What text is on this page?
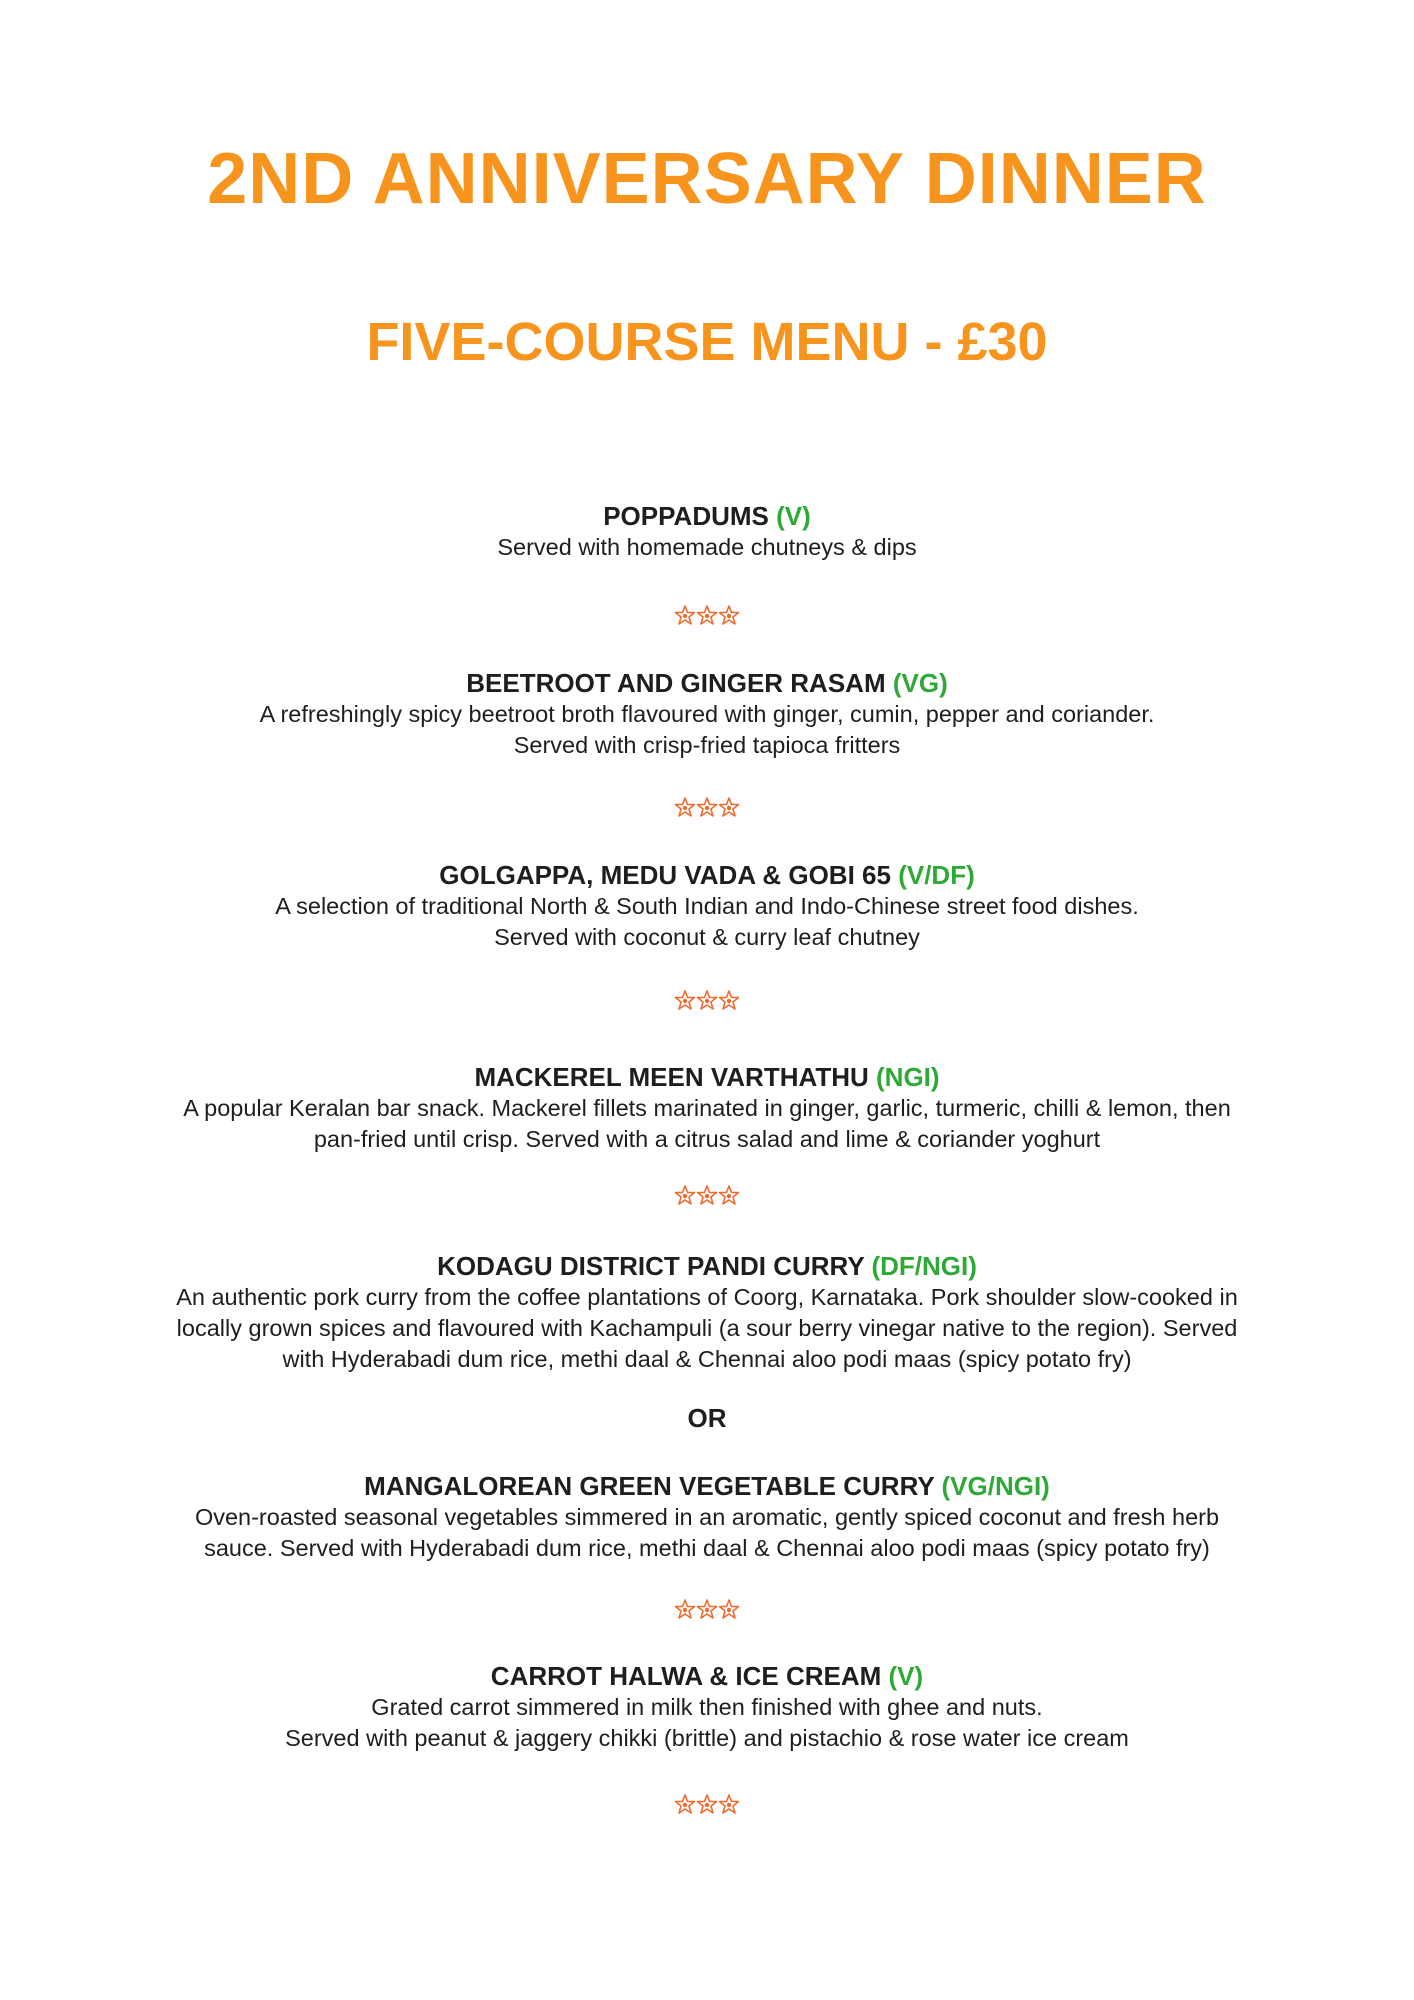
2ND ANNIVERSARY DINNER
FIVE-COURSE MENU - £30

POPPADUMS (V)

Served with homemade chutneys & dips

BEETROOT AND GINGER RASAM (VG)

A refreshingly spicy beetroot broth flavoured with ginger, cumin, pepper and coriander.

Served with crisp-fried tapioca fritters

GOLGAPPA, MEDU VADA & GOBI 65 (V/DF)

A selection of traditional North & South Indian and Indo-Chinese street food dishes.

Served with coconut & curry leaf chutney

MACKEREL MEEN VARTHATHU (NGI)

A popular Keralan bar snack. Mackerel fillets marinated in ginger, garlic, turmeric, chilli & lemon, then

pan-fried until crisp. Served with a citrus salad and lime & coriander yoghurt

KODAGU DISTRICT PANDI CURRY (DF/NGI)

An authentic pork curry from the coffee plantations of Coorg, Karnataka. Pork shoulder slow-cooked in

locally grown spices and flavoured with Kachampuli (a sour berry vinegar native to the region). Served

with Hyderabadi dum rice, methi daal & Chennai aloo podi maas (spicy potato fry)

OR

MANGALOREAN GREEN VEGETABLE CURRY (VG/NGI)

Oven-roasted seasonal vegetables simmered in an aromatic, gently spiced coconut and fresh herb

sauce. Served with Hyderabadi dum rice, methi daal & Chennai aloo podi maas (spicy potato fry)

CARROT HALWA & ICE CREAM (V)

Grated carrot simmered in milk then finished with ghee and nuts.

Served with peanut & jaggery chikki (brittle) and pistachio & rose water ice cream
